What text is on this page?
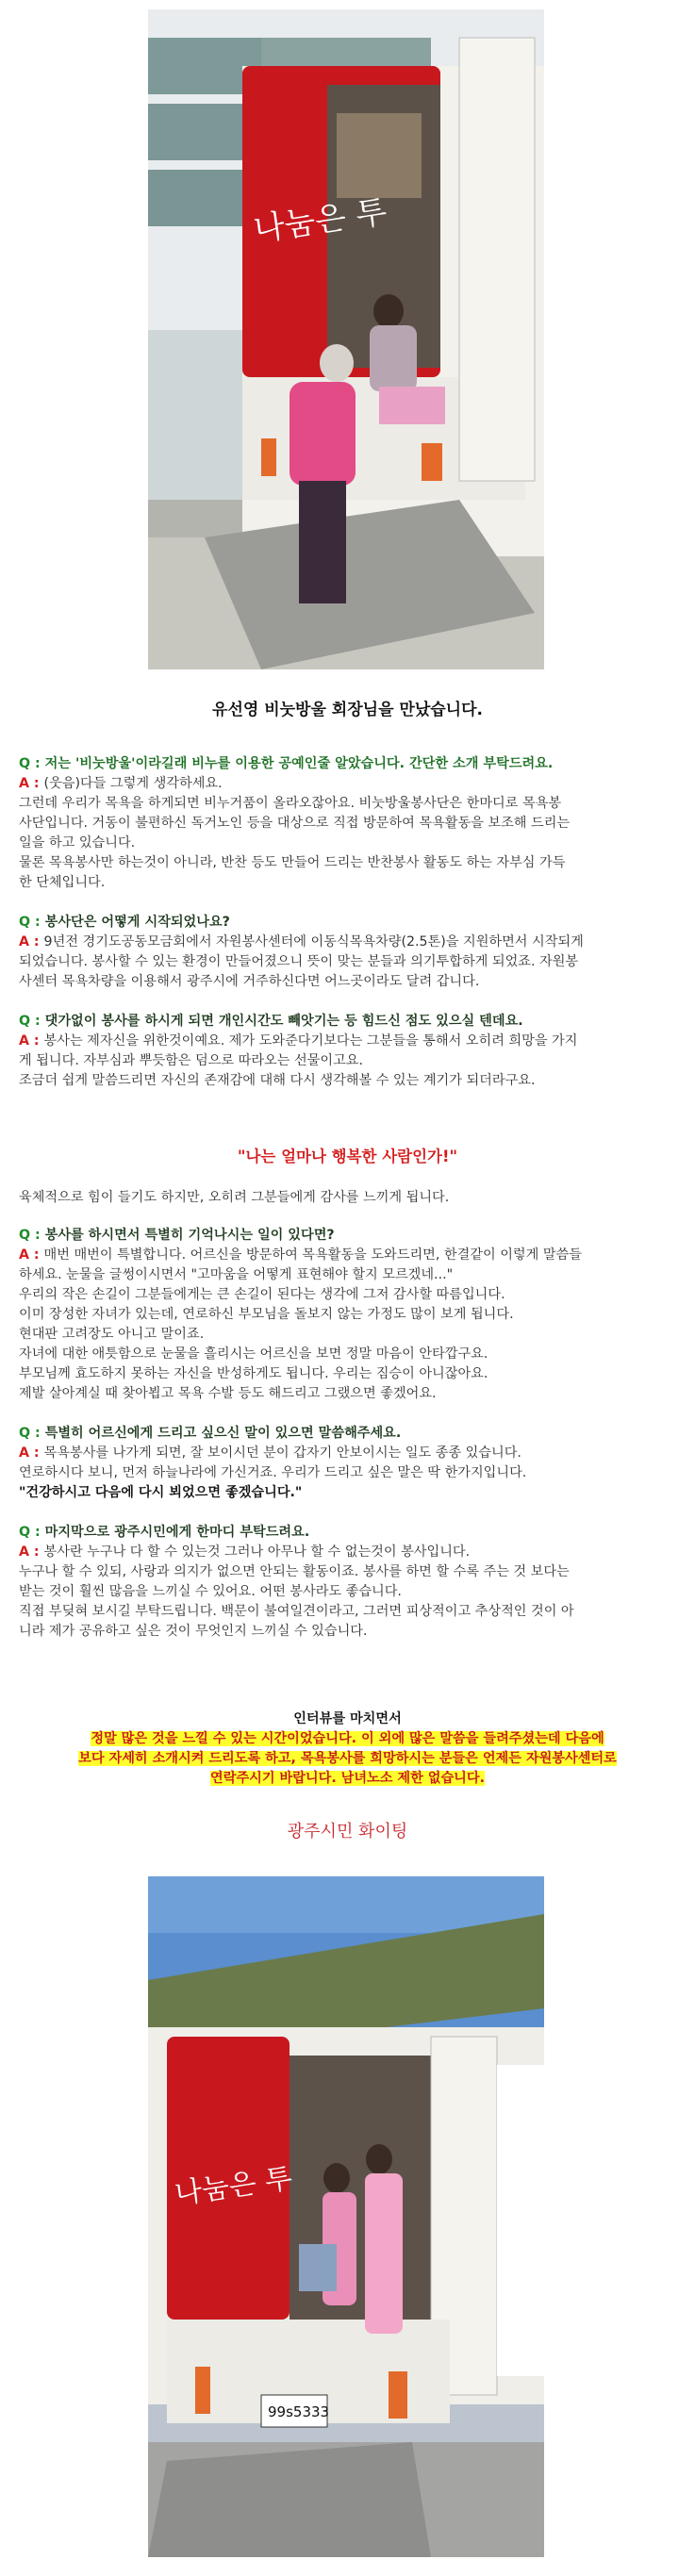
나눔은 투
유선영 비눗방울 회장님을 만났습니다.

Q : 저는 '비눗방울'이라길래 비누를 이용한 공예인줄 알았습니다. 간단한 소개 부탁드려요.

A : (웃음)다들 그렇게 생각하세요.

그런데 우리가 목욕을 하게되면 비누거품이 올라오잖아요. 비눗방울봉사단은 한마디로 목욕봉

사단입니다. 거동이 불편하신 독거노인 등을 대상으로 직접 방문하여 목욕활동을 보조해 드리는

일을 하고 있습니다.

물론 목욕봉사만 하는것이 아니라, 반찬 등도 만들어 드리는 반찬봉사 활동도 하는 자부심 가득

한 단체입니다.

Q : 봉사단은 어떻게 시작되었나요?

A : 9년전 경기도공동모금회에서 자원봉사센터에 이동식목욕차량(2.5톤)을 지원하면서 시작되게

되었습니다. 봉사할 수 있는 환경이 만들어졌으니 뜻이 맞는 분들과 의기투합하게 되었죠. 자원봉

사센터 목욕차량을 이용해서 광주시에 거주하신다면 어느곳이라도 달려 갑니다.

Q : 댓가없이 봉사를 하시게 되면 개인시간도 빼앗기는 등 힘드신 점도 있으실 텐데요.

A : 봉사는 제자신을 위한것이예요. 제가 도와준다기보다는 그분들을 통해서 오히려 희망을 가지

게 됩니다. 자부심과 뿌듯함은 덤으로 따라오는 선물이고요.

조금더 쉽게 말씀드리면 자신의 존재감에 대해 다시 생각해볼 수 있는 계기가 되더라구요.

"나는 얼마나 행복한 사람인가!"

육체적으로 힘이 들기도 하지만, 오히려 그분들에게 감사를 느끼게 됩니다.

Q : 봉사를 하시면서 특별히 기억나시는 일이 있다면?

A : 매번 매번이 특별합니다. 어르신을 방문하여 목욕활동을 도와드리면, 한결같이 이렇게 말씀들

하세요. 눈물을 글썽이시면서 "고마움을 어떻게 표현해야 할지 모르겠네..."

우리의 작은 손길이 그분들에게는 큰 손길이 된다는 생각에 그저 감사할 따름입니다.

이미 장성한 자녀가 있는데, 연로하신 부모님을 돌보지 않는 가정도 많이 보게 됩니다.

현대판 고려장도 아니고 말이죠.

자녀에 대한 애틋함으로 눈물을 흘리시는 어르신을 보면 정말 마음이 안타깝구요.

부모님께 효도하지 못하는 자신을 반성하게도 됩니다. 우리는 짐승이 아니잖아요.

제발 살아계실 때 찾아뵙고 목욕 수발 등도 해드리고 그랬으면 좋겠어요.

Q : 특별히 어르신에게 드리고 싶으신 말이 있으면 말씀해주세요.

A : 목욕봉사를 나가게 되면, 잘 보이시던 분이 갑자기 안보이시는 일도 종종 있습니다.

연로하시다 보니, 먼저 하늘나라에 가신거죠. 우리가 드리고 싶은 말은 딱 한가지입니다.

"건강하시고 다음에 다시 뵈었으면 좋겠습니다."

Q : 마지막으로 광주시민에게 한마디 부탁드려요.

A : 봉사란 누구나 다 할 수 있는것 그러나 아무나 할 수 없는것이 봉사입니다.

누구나 할 수 있되, 사랑과 의지가 없으면 안되는 활동이죠. 봉사를 하면 할 수록 주는 것 보다는

받는 것이 훨씬 많음을 느끼실 수 있어요. 어떤 봉사라도 좋습니다.

직접 부딪혀 보시길 부탁드립니다. 백문이 불여일견이라고, 그러면 피상적이고 추상적인 것이 아

니라 제가 공유하고 싶은 것이 무엇인지 느끼실 수 있습니다.

인터뷰를 마치면서
정말 많은 것을 느낄 수 있는 시간이었습니다. 이 외에 많은 말씀을 들려주셨는데 다음에
보다 자세히 소개시켜 드리도록 하고, 목욕봉사를 희망하시는 분들은 언제든 자원봉사센터로
연락주시기 바랍니다. 남녀노소 제한 없습니다.
광주시민 화이팅
99s5333
나눔은 투
